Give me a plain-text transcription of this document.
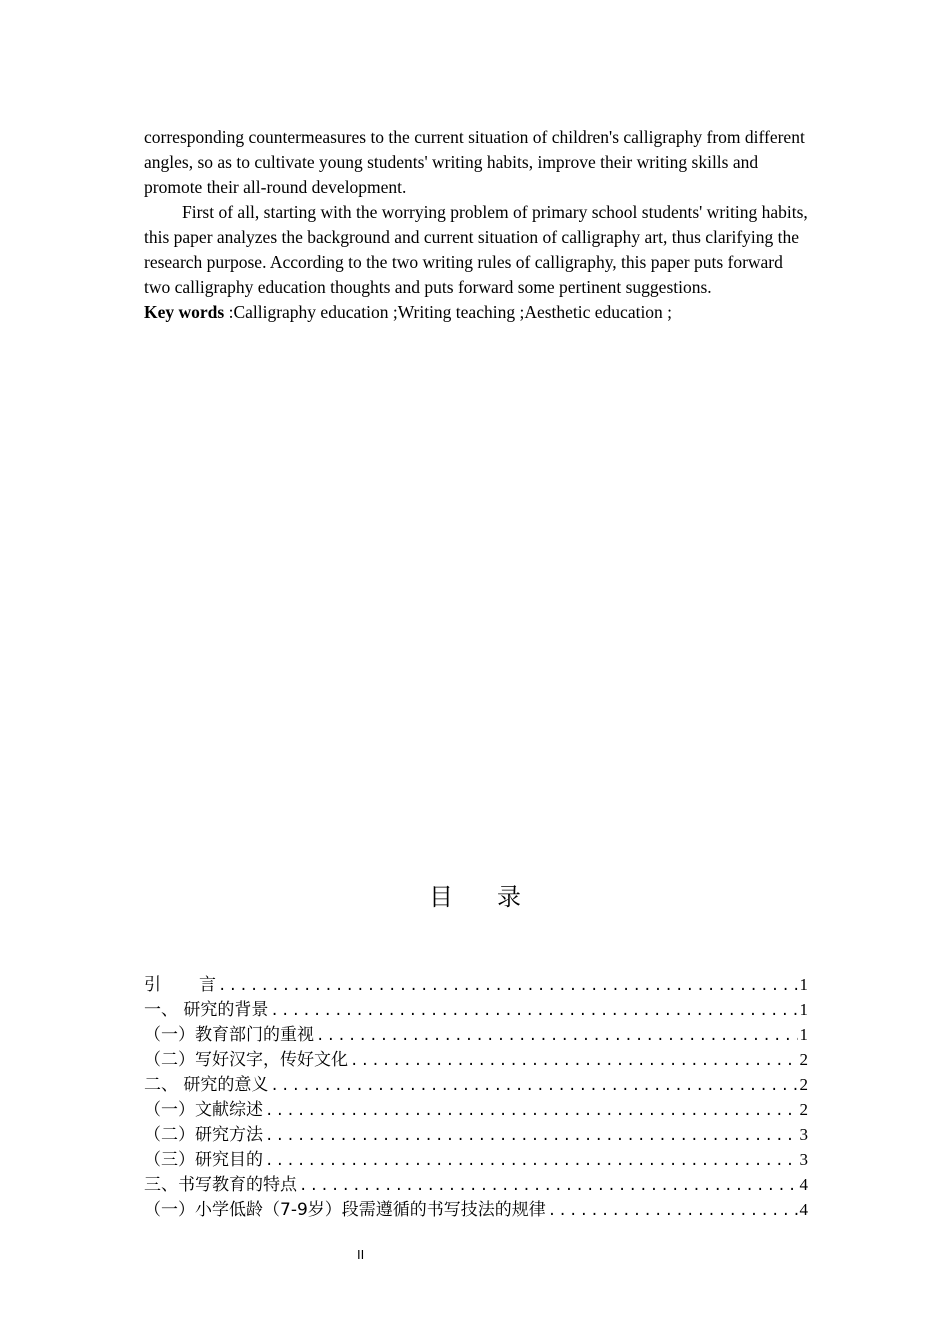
corresponding countermeasures to the current situation of children's calligraphy from different angles, so as to cultivate young students' writing habits, improve their writing skills and promote their all-round development.

First of all, starting with the worrying problem of primary school students' writing habits, this paper analyzes the background and current situation of calligraphy art, thus clarifying the research purpose. According to the two writing rules of calligraphy, this paper puts forward two calligraphy education thoughts and puts forward some pertinent suggestions.

Key words :Calligraphy education ;Writing teaching ;Aesthetic education ;

目 录
引 言 .....	1
一、 研究的背景 .....	1
（一）教育部门的重视 .....	1
（二）写好汉字，传好文化 .....	2
二、 研究的意义 .....	2
（一）文献综述 .....	2
（二）研究方法 .....	3
（三）研究目的 .....	3
三、书写教育的特点 .....	4
（一）小学低龄（7-9岁）段需遵循的书写技法的规律 .....	4
II
